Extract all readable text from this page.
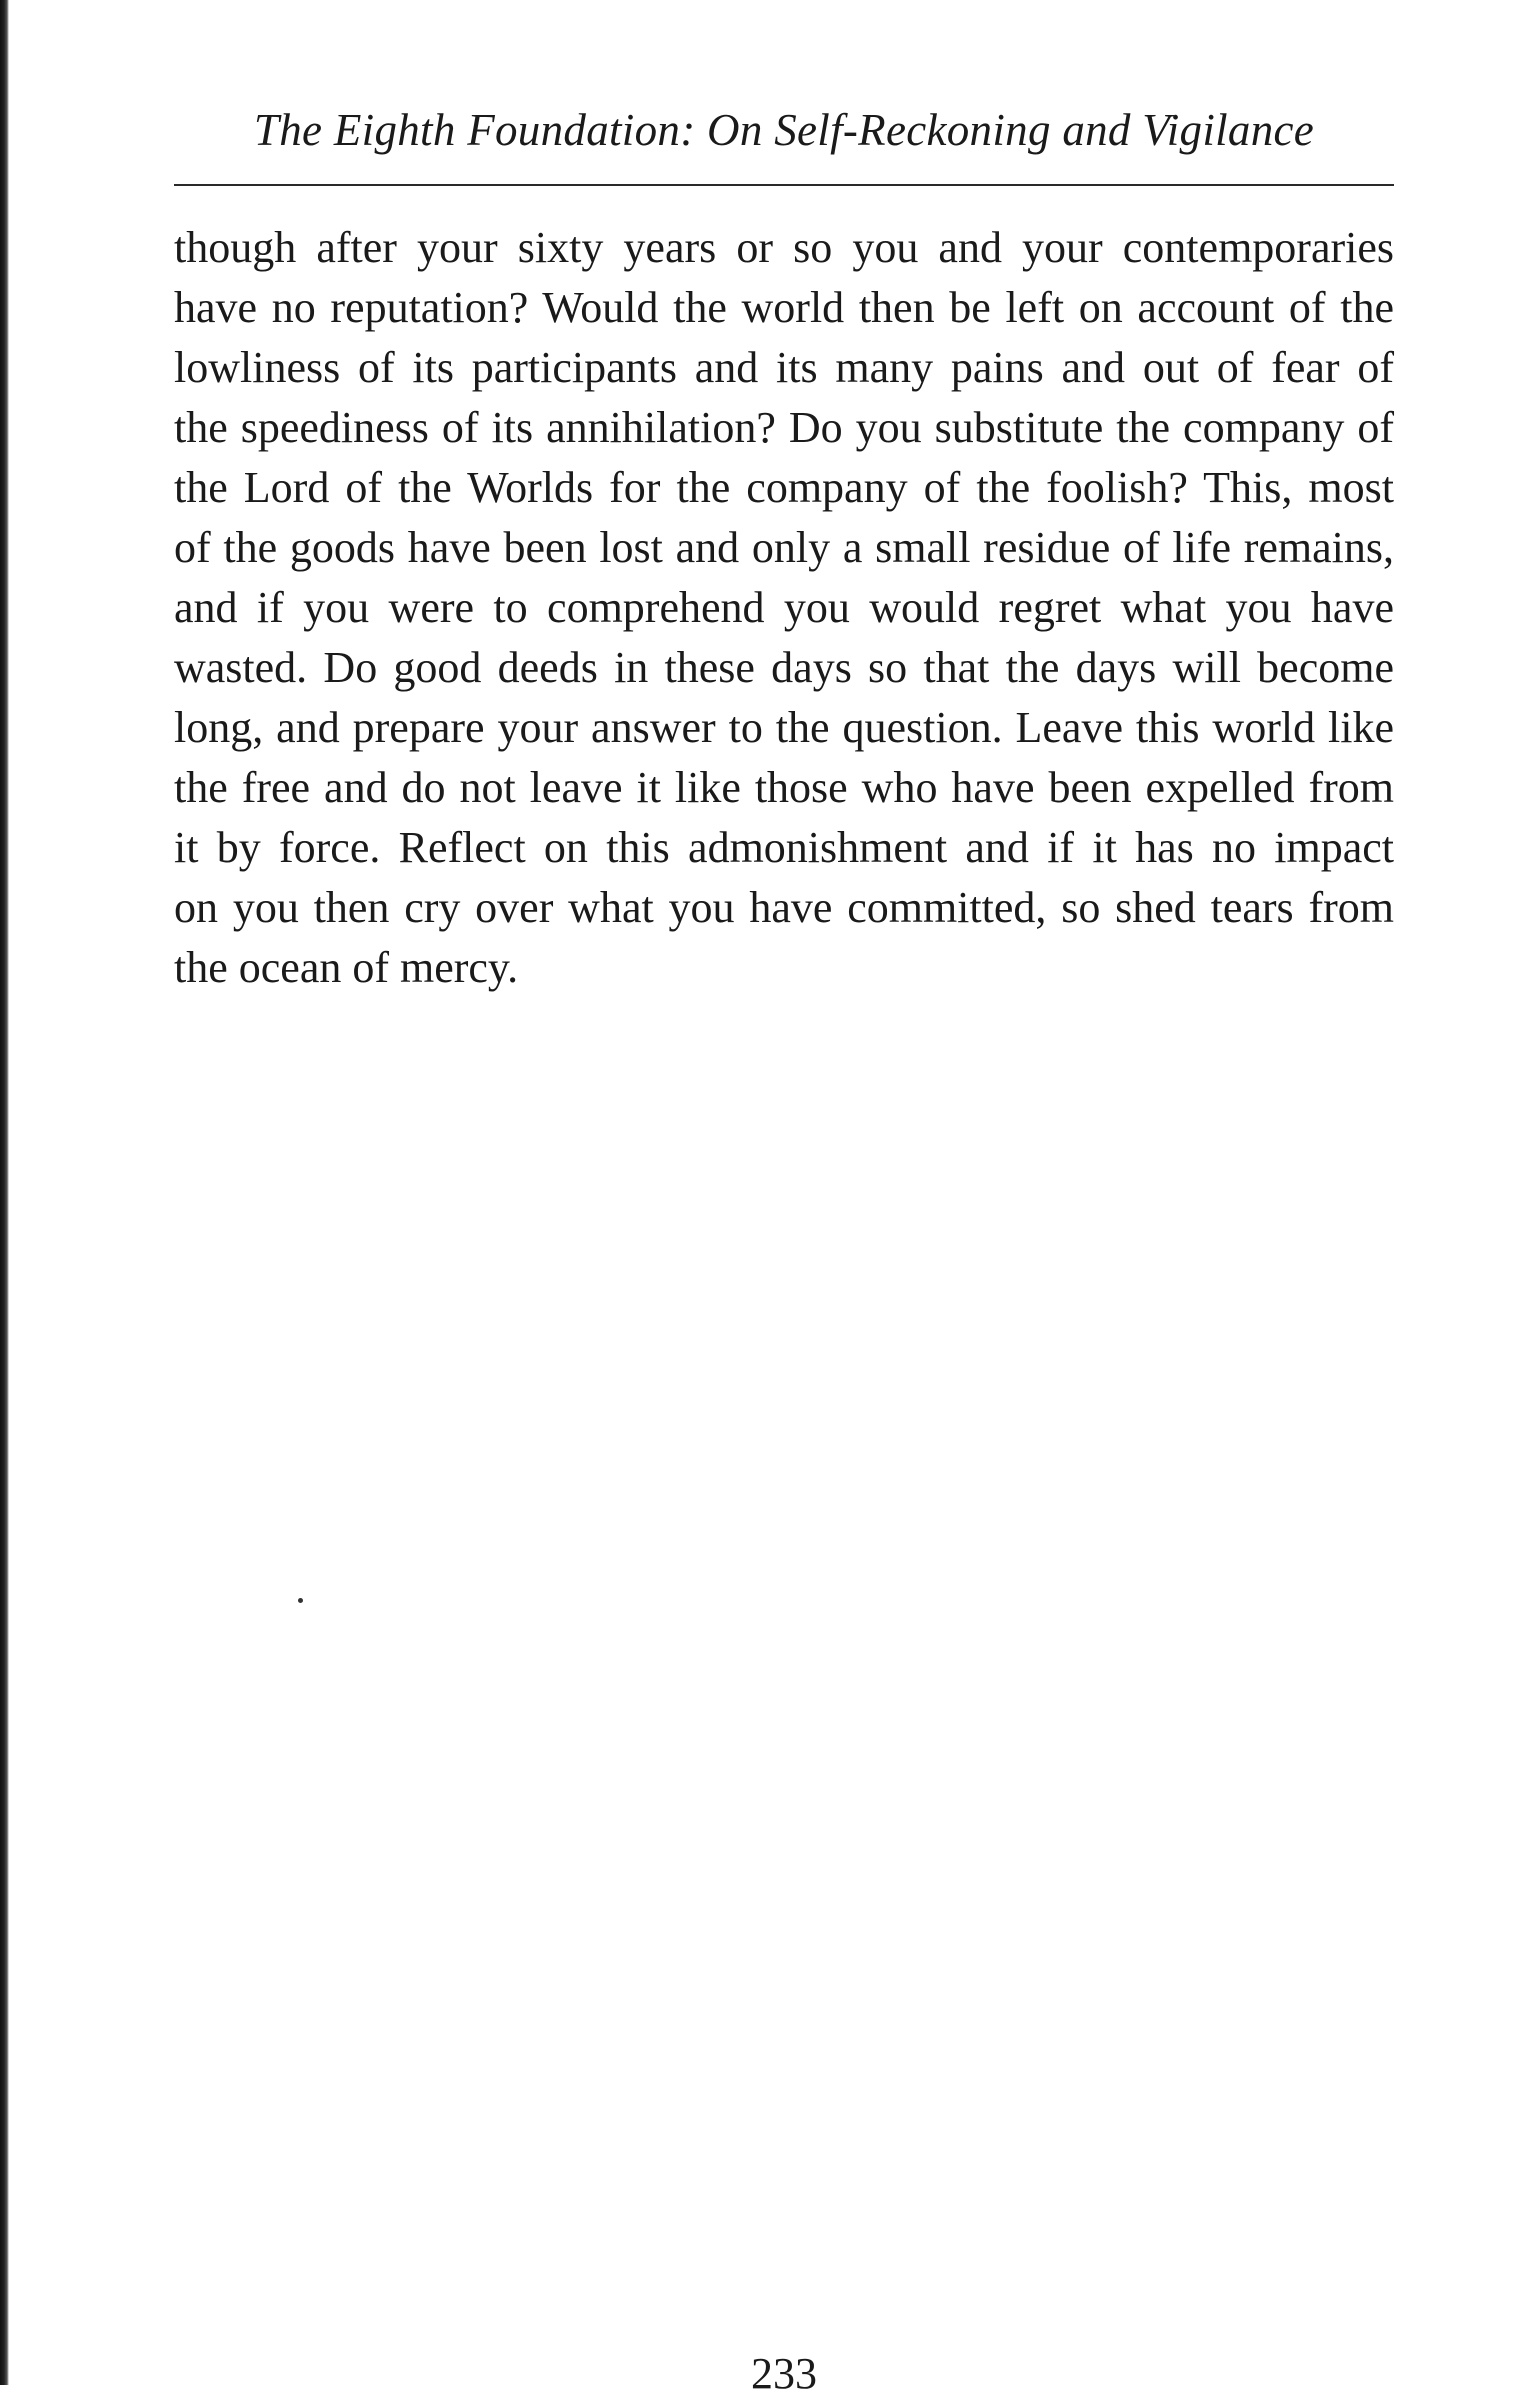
The Eighth Foundation: On Self-Reckoning and Vigilance
though after your sixty years or so you and your contemporaries
have no reputation? Would the world then be left on account of the
lowliness of its participants and its many pains and out of fear of
the speediness of its annihilation? Do you substitute the company of
the Lord of the Worlds for the company of the foolish? This, most
of the goods have been lost and only a small residue of life remains,
and if you were to comprehend you would regret what you have
wasted. Do good deeds in these days so that the days will become
long, and prepare your answer to the question. Leave this world like
the free and do not leave it like those who have been expelled from
it by force. Reflect on this admonishment and if it has no impact
on you then cry over what you have committed, so shed tears from
the ocean of mercy.
233
